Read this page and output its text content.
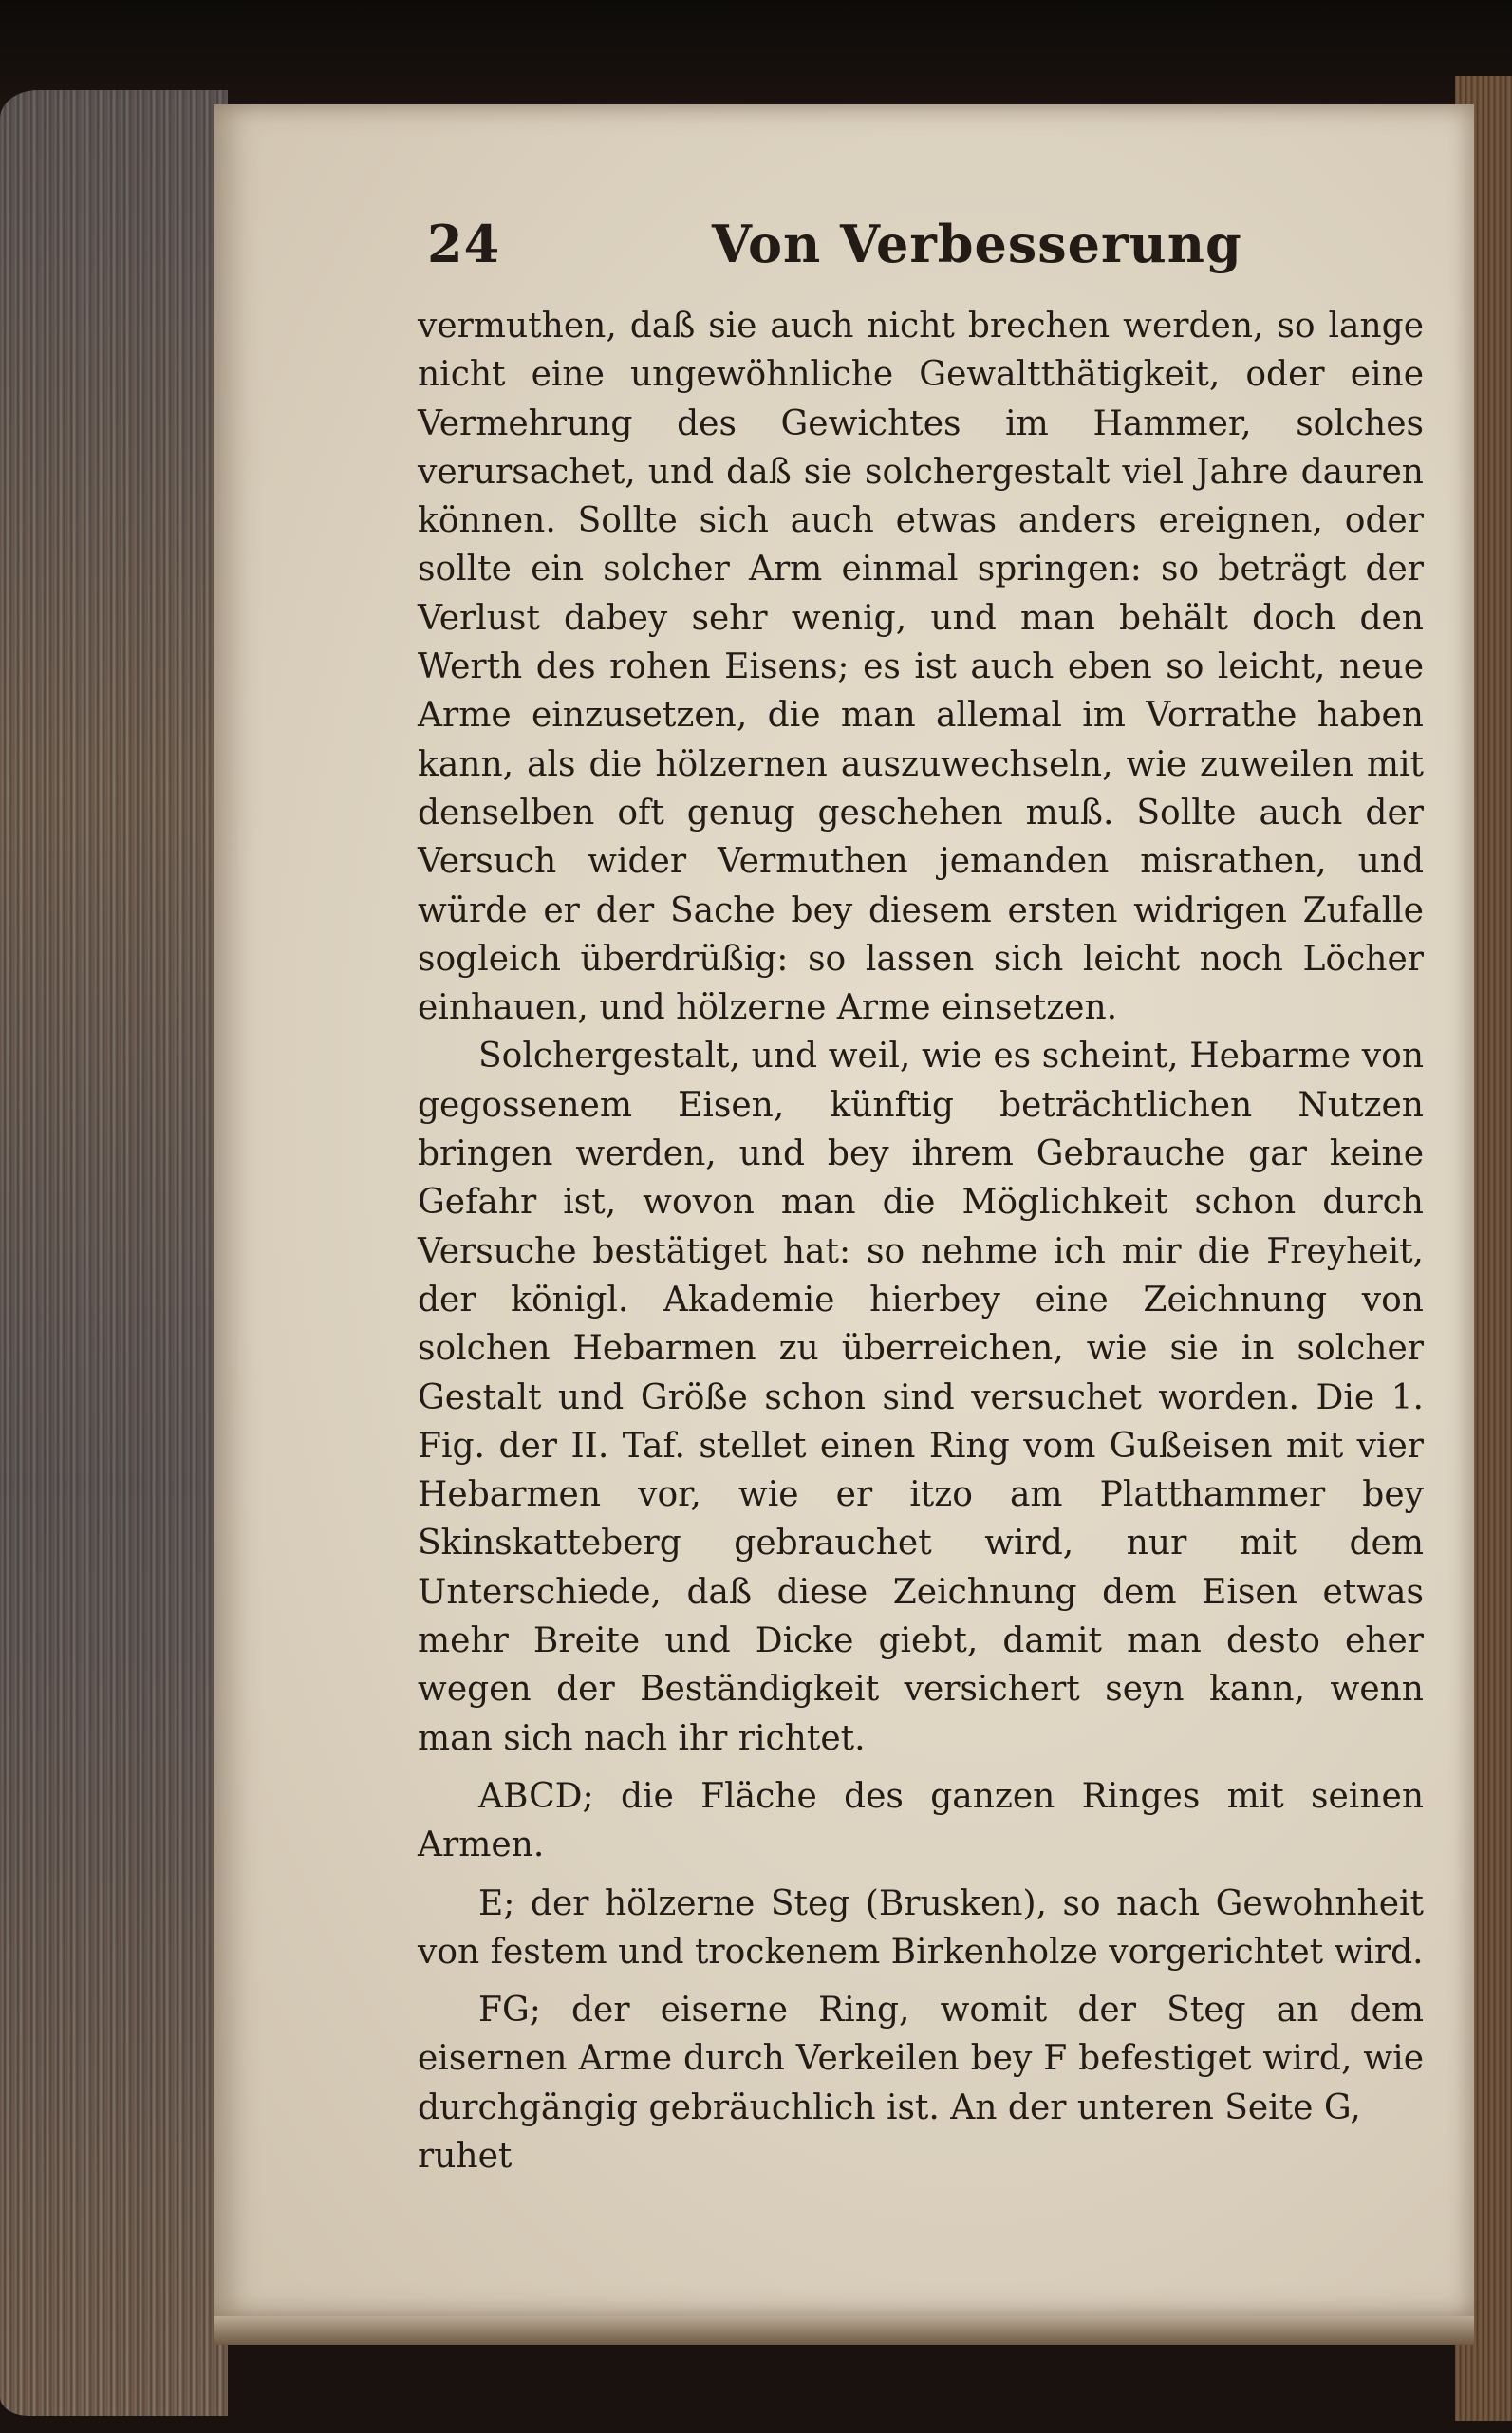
24	Von Verbesserung

vermuthen, daß sie auch nicht brechen werden, so lange nicht eine ungewöhnliche Gewaltthätigkeit, oder eine Vermehrung des Gewichtes im Hammer, solches verursachet, und daß sie solchergestalt viel Jahre dauren können. Sollte sich auch etwas anders ereignen, oder sollte ein solcher Arm einmal springen: so beträgt der Verlust dabey sehr wenig, und man behält doch den Werth des rohen Eisens; es ist auch eben so leicht, neue Arme einzusetzen, die man allemal im Vorrathe haben kann, als die hölzernen auszuwechseln, wie zuweilen mit denselben oft genug geschehen muß. Sollte auch der Versuch wider Vermuthen jemanden misrathen, und würde er der Sache bey diesem ersten widrigen Zufalle sogleich überdrüßig: so lassen sich leicht noch Löcher einhauen, und hölzerne Arme einsetzen.

Solchergestalt, und weil, wie es scheint, Hebarme von gegossenem Eisen, künftig beträchtlichen Nutzen bringen werden, und bey ihrem Gebrauche gar keine Gefahr ist, wovon man die Möglichkeit schon durch Versuche bestätiget hat: so nehme ich mir die Freyheit, der königl. Akademie hierbey eine Zeichnung von solchen Hebarmen zu überreichen, wie sie in solcher Gestalt und Größe schon sind versuchet worden. Die 1. Fig. der II. Taf. stellet einen Ring vom Gußeisen mit vier Hebarmen vor, wie er itzo am Platthammer bey Skinskatteberg gebrauchet wird, nur mit dem Unterschiede, daß diese Zeichnung dem Eisen etwas mehr Breite und Dicke giebt, damit man desto eher wegen der Beständigkeit versichert seyn kann, wenn man sich nach ihr richtet.

ABCD; die Fläche des ganzen Ringes mit seinen Armen.

E; der hölzerne Steg (Bruskеn), so nach Gewohnheit von festem und trockenem Birkenholze vorgerichtet wird.

FG; der eiserne Ring, womit der Steg an dem eisernen Arme durch Verkeilen bey F befestiget wird, wie durchgängig gebräuchlich ist. An der unteren Seite G,

ruhet
